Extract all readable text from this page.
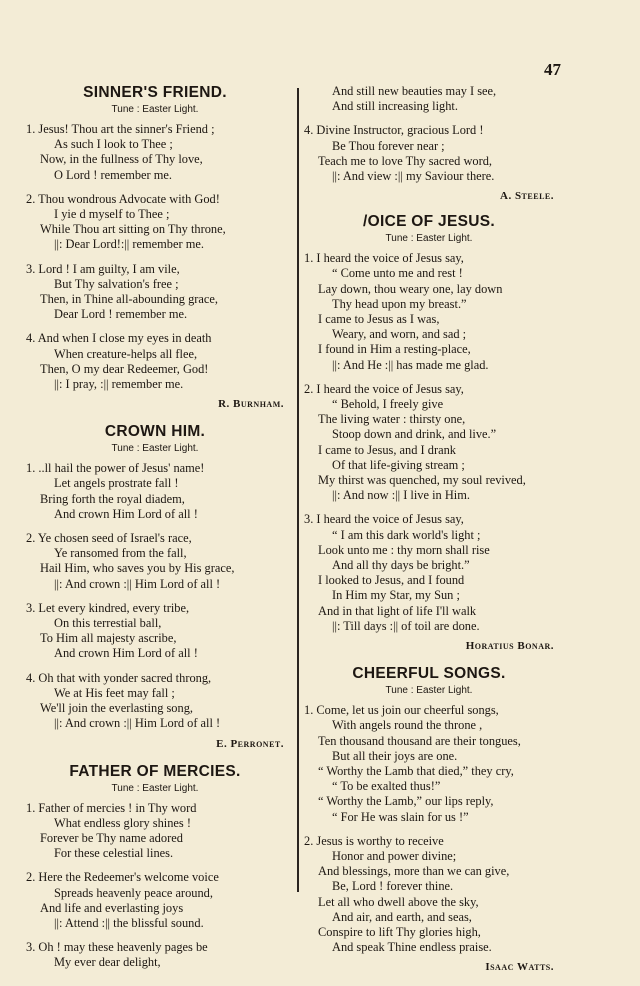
47
SINNER'S FRIEND.
Tune : Easter Light.
1. Jesus! Thou art the sinner's Friend ;
As such I look to Thee ;
Now, in the fullness of Thy love,
O Lord ! remember me.
2. Thou wondrous Advocate with God!
I yie d myself to Thee ;
While Thou art sitting on Thy throne,
||: Dear Lord!:|| remember me.
3. Lord ! I am guilty, I am vile,
But Thy salvation's free ;
Then, in Thine all-abounding grace,
Dear Lord ! remember me.
4. And when I close my eyes in death
When creature-helps all flee,
Then, O my dear Redeemer, God!
||: I pray, :|| remember me.
R. Burnham.
CROWN HIM.
Tune : Easter Light.
1. ..ll hail the power of Jesus' name!
Let angels prostrate fall !
Bring forth the royal diadem,
And crown Him Lord of all !
2. Ye chosen seed of Israel's race,
Ye ransomed from the fall,
Hail Him, who saves you by His grace,
||: And crown :|| Him Lord of all !
3. Let every kindred, every tribe,
On this terrestial ball,
To Him all majesty ascribe,
And crown Him Lord of all !
4. Oh that with yonder sacred throng,
We at His feet may fall ;
We'll join the everlasting song,
||: And crown :|| Him Lord of all !
E. Perronet.
FATHER OF MERCIES.
Tune : Easter Light.
1. Father of mercies ! in Thy word
What endless glory shines !
Forever be Thy name adored
For these celestial lines.
2. Here the Redeemer's welcome voice
Spreads heavenly peace around,
And life and everlasting joys
||: Attend :|| the blissful sound.
3. Oh ! may these heavenly pages be
My ever dear delight,
And still new beauties may I see,
And still increasing light.
4. Divine Instructor, gracious Lord !
Be Thou forever near ;
Teach me to love Thy sacred word,
||: And view :|| my Saviour there.
A. Steele.
/OICE OF JESUS.
Tune : Easter Light.
1. I heard the voice of Jesus say,
“ Come unto me and rest !
Lay down, thou weary one, lay down
Thy head upon my breast.”
I came to Jesus as I was,
Weary, and worn, and sad ;
I found in Him a resting-place,
||: And He :|| has made me glad.
2. I heard the voice of Jesus say,
“ Behold, I freely give
The living water : thirsty one,
Stoop down and drink, and live.”
I came to Jesus, and I drank
Of that life-giving stream ;
My thirst was quenched, my soul revived,
||: And now :|| I live in Him.
3. I heard the voice of Jesus say,
“ I am this dark world's light ;
Look unto me : thy morn shall rise
And all thy days be bright.”
I looked to Jesus, and I found
In Him my Star, my Sun ;
And in that light of life I'll walk
||: Till days :|| of toil are done.
Horatius Bonar.
CHEERFUL SONGS.
Tune : Easter Light.
1. Come, let us join our cheerful songs,
With angels round the throne ,
Ten thousand thousand are their tongues,
But all their joys are one.
“ Worthy the Lamb that died,” they cry,
“ To be exalted thus!”
“ Worthy the Lamb,” our lips reply,
“ For He was slain for us !”
2. Jesus is worthy to receive
Honor and power divine;
And blessings, more than we can give,
Be, Lord ! forever thine.
Let all who dwell above the sky,
And air, and earth, and seas,
Conspire to lift Thy glories high,
And speak Thine endless praise.
Isaac Watts.
